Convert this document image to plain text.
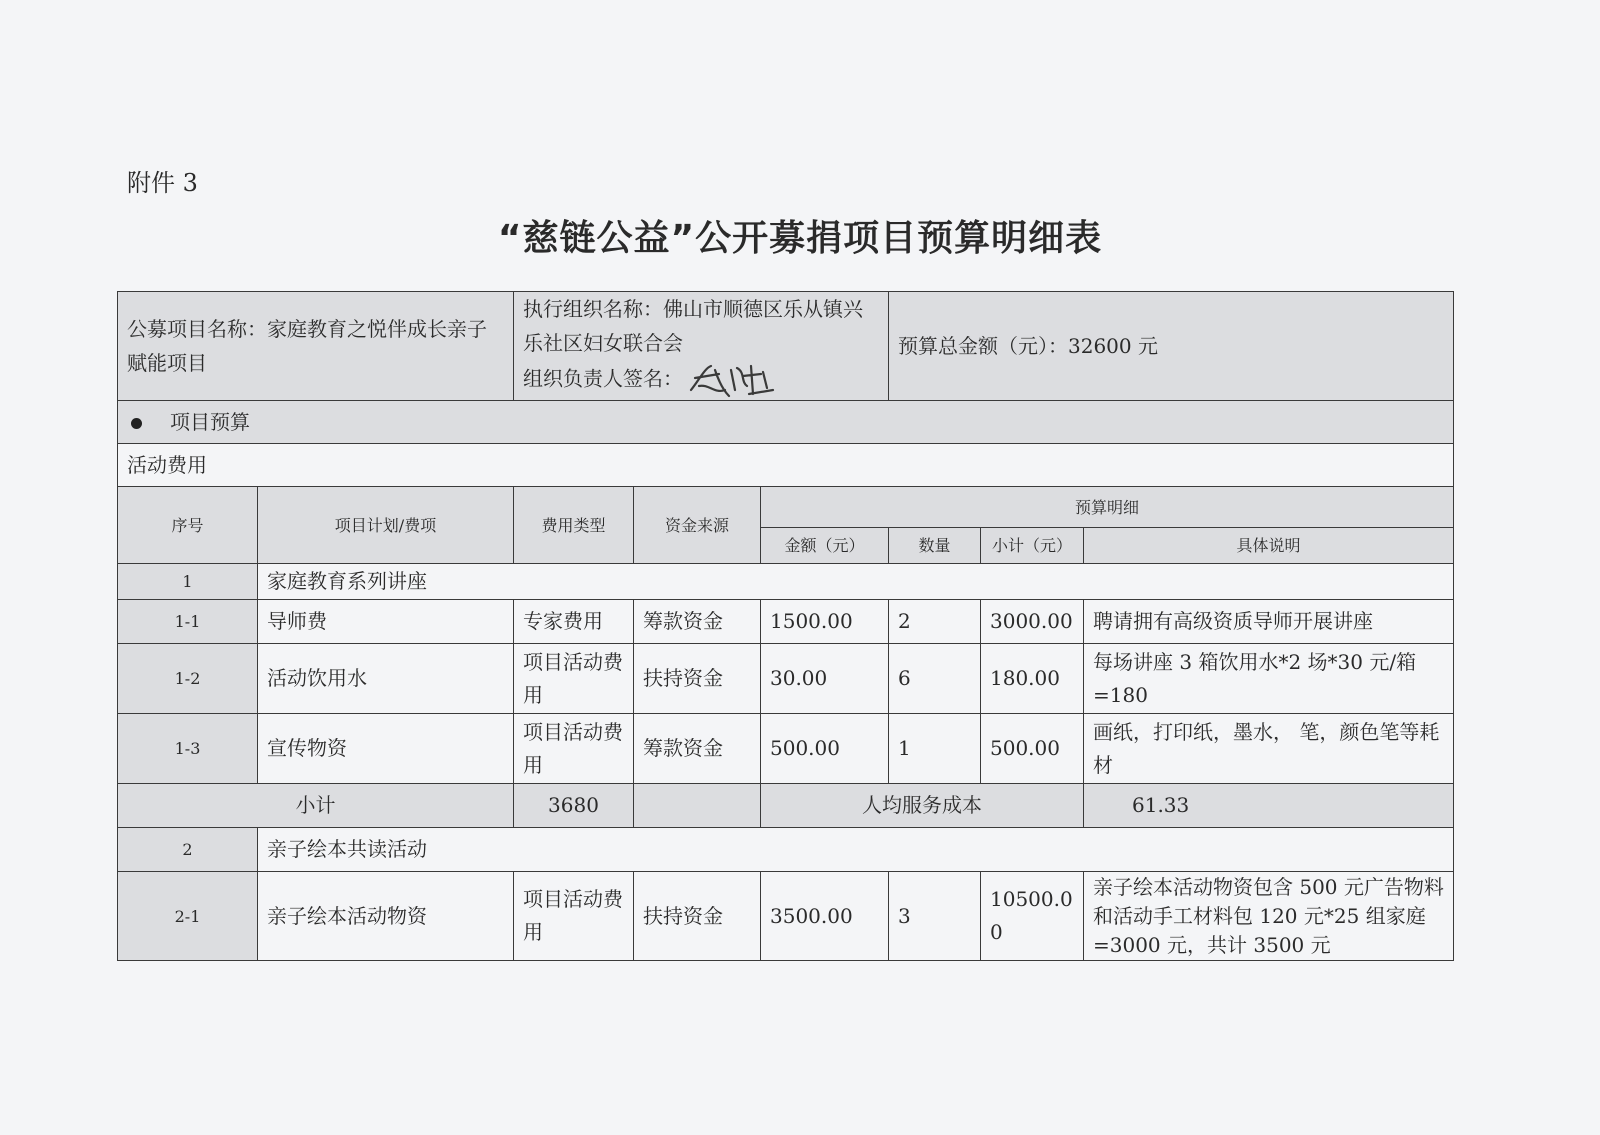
附件 3
“慈链公益”公开募捐项目预算明细表
公募项目名称：家庭教育之悦伴成长亲子赋能项目		执行组织名称：佛山市顺德区乐从镇兴乐社区妇女联合会
组织负责人签名：			预算总金额（元）：32600 元		
项目预算							
活动费用							
序号	项目计划/费项	费用类型	资金来源	预算明细			
				金额（元）	数量	小计（元）	具体说明
1	家庭教育系列讲座						
1-1	导师费	专家费用	筹款资金	1500.00	2	3000.00	聘请拥有高级资质导师开展讲座
1-2	活动饮用水	项目活动费用	扶持资金	30.00	6	180.00	每场讲座 3 箱饮用水*2 场*30 元/箱=180
1-3	宣传物资	项目活动费用	筹款资金	500.00	1	500.00	画纸，打印纸，墨水， 笔，颜色笔等耗材
小计		3680		人均服务成本			61.33
2	亲子绘本共读活动						
2-1	亲子绘本活动物资	项目活动费用	扶持资金	3500.00	3	10500.00	亲子绘本活动物资包含 500 元广告物料和活动手工材料包 120 元*25 组家庭=3000 元，共计 3500 元
